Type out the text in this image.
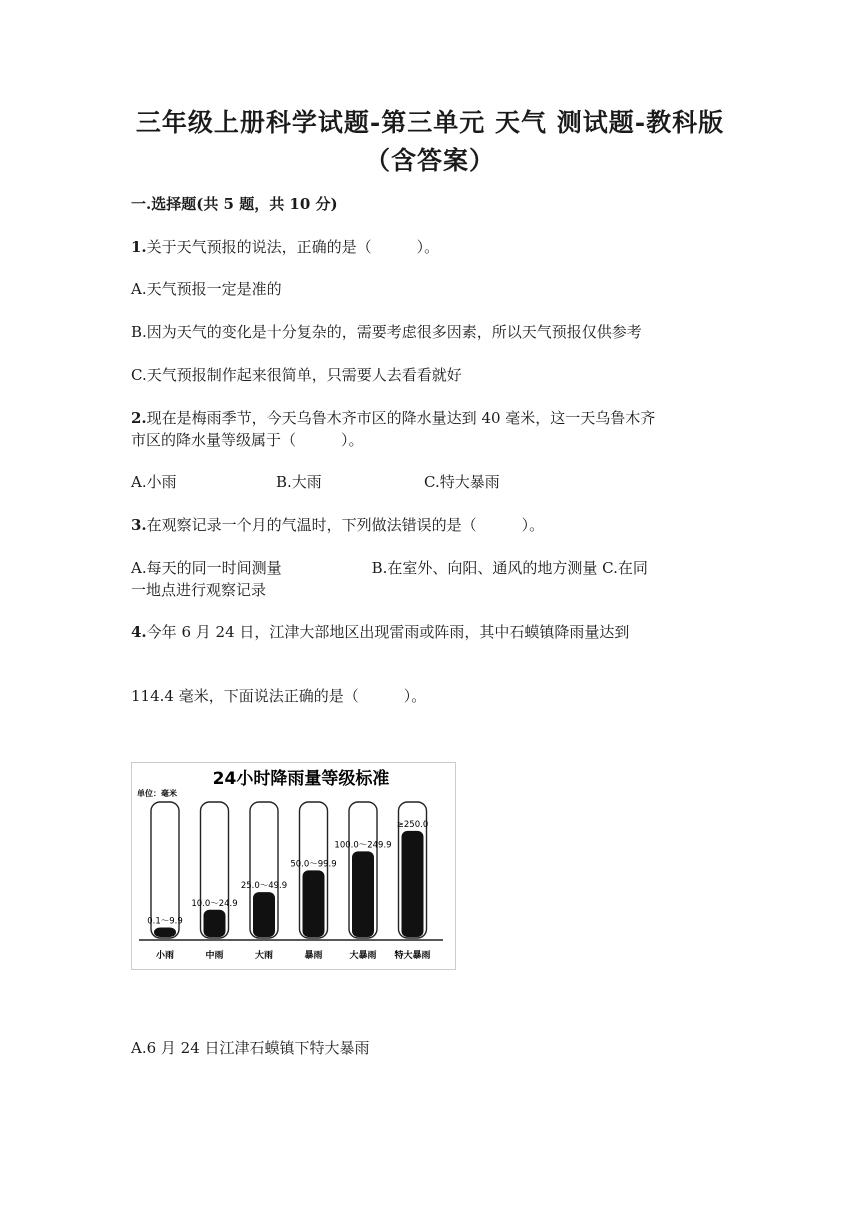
三年级上册科学试题-第三单元 天气 测试题-教科版（含答案）
一.选择题(共 5 题，共 10 分)
1.关于天气预报的说法，正确的是（　　　）。
A.天气预报一定是准的
B.因为天气的变化是十分复杂的，需要考虑很多因素，所以天气预报仅供参考
C.天气预报制作起来很简单，只需要人去看看就好
2.现在是梅雨季节，今天乌鲁木齐市区的降水量达到 40 毫米，这一天乌鲁木齐
市区的降水量等级属于（　　　）。
A.小雨	B.大雨	C.特大暴雨
3.在观察记录一个月的气温时，下列做法错误的是（　　　）。
A.每天的同一时间测量　　　　　　B.在室外、向阳、通风的地方测量 C.在同
一地点进行观察记录
4.今年 6 月 24 日，江津大部地区出现雷雨或阵雨，其中石蟆镇降雨量达到
114.4 毫米，下面说法正确的是（　　　）。
24小时降雨量等级标准
单位：毫米
0.1～9.9
小雨
10.0～24.9
中雨
25.0～49.9
大雨
50.0～99.9
暴雨
100.0～249.9
大暴雨
≥250.0
特大暴雨
A.6 月 24 日江津石蟆镇下特大暴雨
